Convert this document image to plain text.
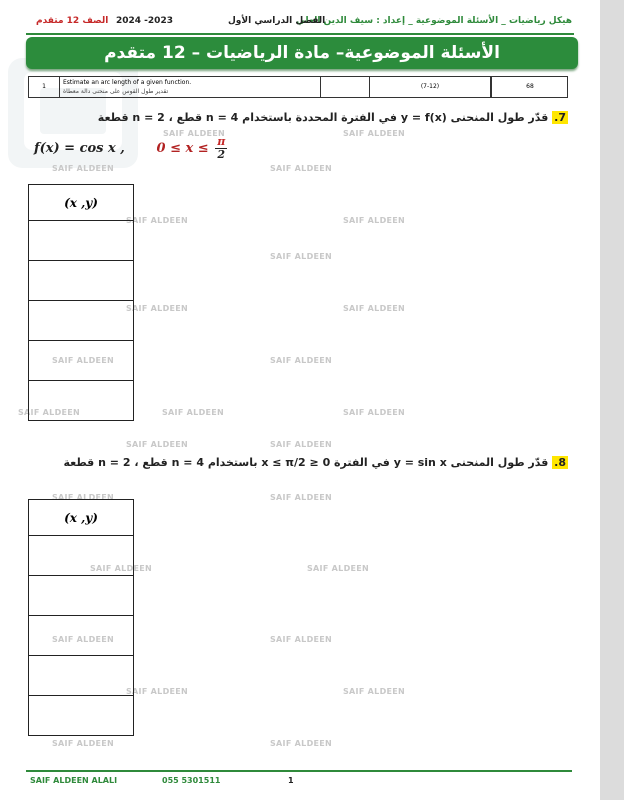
هيكل رياضيات _ الأسئلة الموضوعية _ إعداد : سيف الدين العلي
الفصل الدراسي الأول
2024 -2023
الصف 12 متقدم
الأسئلة الموضوعية– مادة الرياضيات – 12 متقدم
1
Estimate an arc length of a given function.
تقدير طول القوس على منحنى دالة معطاة
(7-12)	68
SAIF ALDEEN	SAIF ALDEEN
SAIF ALDEEN	SAIF ALDEEN
SAIF ALDEEN	SAIF ALDEEN
SAIF ALDEEN
SAIF ALDEEN	SAIF ALDEEN
SAIF ALDEEN	SAIF ALDEEN
SAIF ALDEEN	SAIF ALDEEN	SAIF ALDEEN
SAIF ALDEEN	SAIF ALDEEN
SAIF ALDEEN	SAIF ALDEEN
SAIF ALDEEN	SAIF ALDEEN
SAIF ALDEEN	SAIF ALDEEN
SAIF ALDEEN	SAIF ALDEEN
SAIF ALDEEN	SAIF ALDEEN
7. قدّر طول المنحنى y = f(x) في الفترة المحددة باستخدام 4 = n قطع ، 2 = n قطعة
f(x) = cos x , $0 \le x \le \frac{\pi}{2}$
(x ,y)

8. قدّر طول المنحنى y = sin x في الفترة 0 ≤ x ≤ π/2 باستخدام 4 = n قطع ، 2 = n قطعة
(x ,y)

SAIF ALDEEN ALALI	055 5301511	1
